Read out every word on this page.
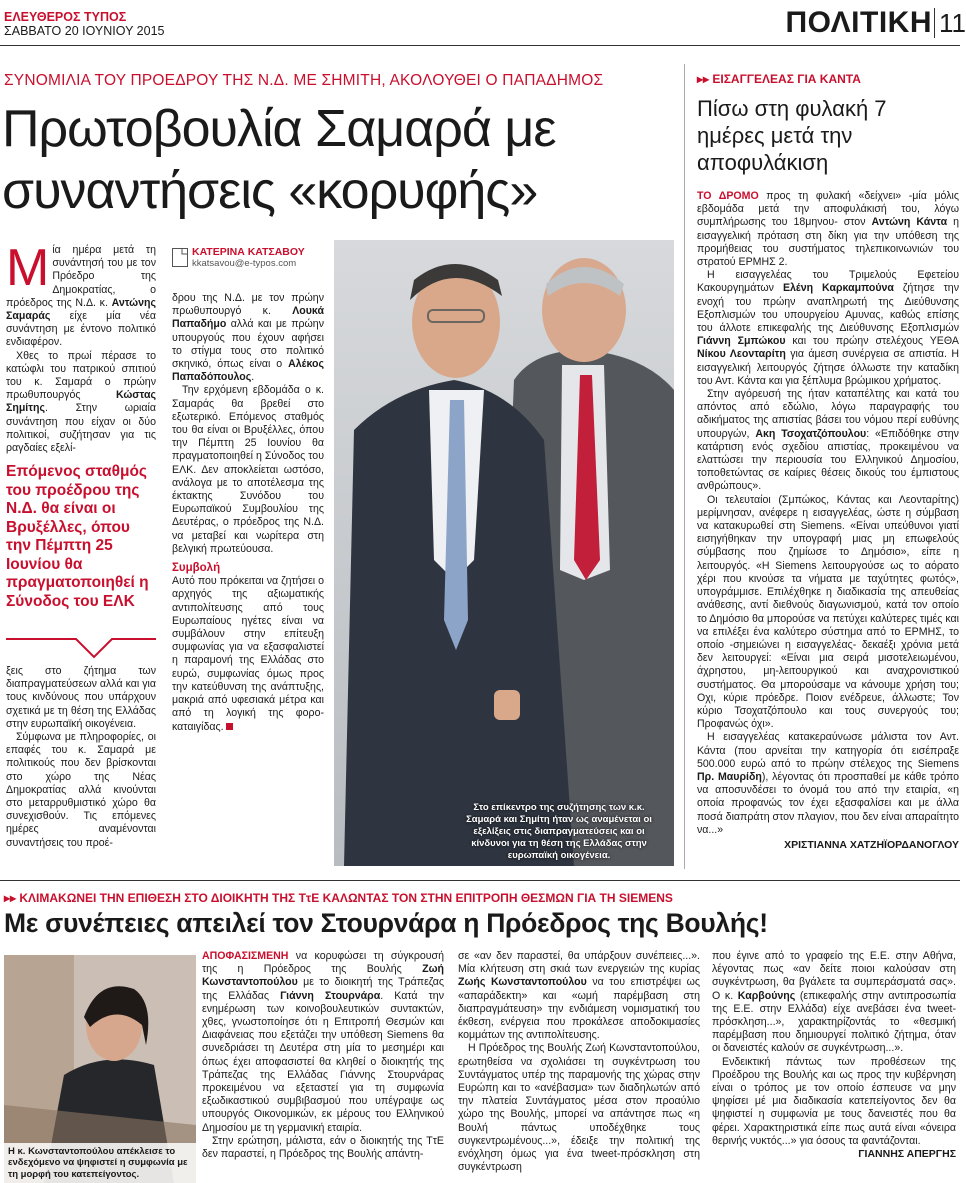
ΕΛΕΥΘΕΡΟΣ ΤΥΠΟΣ
ΣΑΒΒΑΤΟ 20 ΙΟΥΝΙΟΥ 2015	ΠΟΛΙΤΙΚΗ 11
ΣΥΝΟΜΙΛΙΑ ΤΟΥ ΠΡΟΕΔΡΟΥ ΤΗΣ Ν.Δ. ΜΕ ΣΗΜΙΤΗ, ΑΚΟΛΟΥΘΕΙ Ο ΠΑΠΑΔΗΜΟΣ
Πρωτοβουλία Σαμαρά με
συναντήσεις «κορυφής»
Μ ία ημέρα μετά τη συνάντησή του με τον Πρόεδρο της Δημοκρατίας, ο πρόεδρος της Ν.Δ. κ. Αντώνης Σαμαράς είχε μία νέα συνάντηση με έντονο πολιτικό ενδιαφέρον.

Χθες το πρωί πέρασε το κατώφλι του πατρικού σπιτιού του κ. Σαμαρά ο πρώην πρωθυπουργός Κώστας Σημίτης. Στην ωριαία συνάντηση που είχαν οι δύο πολιτικοί, συζήτησαν για τις ραγδαίες εξελί-

Επόμενος σταθμός του προέδρου της Ν.Δ. θα είναι οι Βρυξέλλες, όπου την Πέμπτη 25 Ιουνίου θα πραγματοποιηθεί η Σύνοδος του ΕΛΚ

ξεις στο ζήτημα των διαπραγματεύσεων αλλά και για τους κινδύνους που υπάρχουν σχετικά με τη θέση της Ελλάδας στην ευρωπαϊκή οικογένεια.

Σύμφωνα με πληροφορίες, οι επαφές του κ. Σαμαρά με πολιτικούς που δεν βρίσκονται στο χώρο της Νέας Δημοκρατίας αλλά κινούνται στο μεταρρυθμιστικό χώρο θα συνεχισθούν. Τις επόμενες ημέρες αναμένονται συναντήσεις του προέ-

ΚΑΤΕΡΙΝΑ ΚΑΤΣΑΒΟΥ
kkatsavou@e-typos.com

δρου της Ν.Δ. με τον πρώην πρωθυπουργό κ. Λουκά Παπαδήμο αλλά και με πρώην υπουργούς που έχουν αφήσει το στίγμα τους στο πολιτικό σκηνικό, όπως είναι ο Αλέκος Παπαδόπουλος.

Την ερχόμενη εβδομάδα ο κ. Σαμαράς θα βρεθεί στο εξωτερικό. Επόμενος σταθμός του θα είναι οι Βρυξέλλες, όπου την Πέμπτη 25 Ιουνίου θα πραγματοποιηθεί η Σύνοδος του ΕΛΚ. Δεν αποκλείεται ωστόσο, ανάλογα με το αποτέλεσμα της έκτακτης Συνόδου του Ευρωπαϊκού Συμβουλίου της Δευτέρας, ο πρόεδρος της Ν.Δ. να μεταβεί και νωρίτερα στη βελγική πρωτεύουσα.

Συμβολή

Αυτό που πρόκειται να ζητήσει ο αρχηγός της αξιωματικής αντιπολίτευσης από τους Ευρωπαίους ηγέτες είναι να συμβάλουν στην επίτευξη συμφωνίας για να εξασφαλιστεί η παραμονή της Ελλάδας στο ευρώ, συμφωνίας όμως προς την κατεύθυνση της ανάπτυξης, μακριά από υφεσιακά μέτρα και από τη λογική της φορο-καταιγίδας.

Στο επίκεντρο της συζήτησης των κ.κ. Σαμαρά και Σημίτη ήταν ως αναμένεται οι εξελίξεις στις διαπραγματεύσεις και οι κίνδυνοι για τη θέση της Ελλάδας στην ευρωπαϊκή οικογένεια.
▸▸ ΕΙΣΑΓΓΕΛΕΑΣ ΓΙΑ ΚΑΝΤΑ
Πίσω στη φυλακή 7 ημέρες μετά την αποφυλάκιση

ΤΟ ΔΡΟΜΟ προς τη φυλακή «δείχνει» -μία μόλις εβδομάδα μετά την αποφυλάκισή του, λόγω συμπλήρωσης του 18μηνου- στον Αντώνη Κάντα η εισαγγελική πρόταση στη δίκη για την υπόθεση της προμήθειας του συστήματος τηλεπικοινωνιών του στρατού ΕΡΜΗΣ 2.

Η εισαγγελέας του Τριμελούς Εφετείου Κακουργημάτων Ελένη Καρκαμπούνα ζήτησε την ενοχή του πρώην αναπληρωτή της Διεύθυνσης Εξοπλισμών του υπουργείου Αμυνας, καθώς επίσης του άλλοτε επικεφαλής της Διεύθυνσης Εξοπλισμών Γιάννη Σμπώκου και του πρώην στελέχους ΥΕΘΑ Νίκου Λεονταρίτη για άμεση συνέργεια σε απιστία. Η εισαγγελική λειτουργός ζήτησε όλλωστε την καταδίκη του Αντ. Κάντα και για ξέπλυμα βρώμικου χρήματος.

Στην αγόρευσή της ήταν καταπέλτης και κατά του απόντος από εδώλιο, λόγω παραγραφής του αδικήματος της απιστίας βάσει του νόμου περί ευθύνης υπουργών, Ακη Τσοχατζόπουλου: «Επιδόθηκε στην κατάρτιση ενός σχεδίου απιστίας, προκειμένου να ελαττώσει την περιουσία του Ελληνικού Δημοσίου, τοποθετώντας σε καίριες θέσεις δικούς του έμπιστους ανθρώπους».

Οι τελευταίοι (Σμπώκος, Κάντας και Λεονταρίτης) μερίμνησαν, ανέφερε η εισαγγελέας, ώστε η σύμβαση να κατακυρωθεί στη Siemens. «Είναι υπεύθυνοι γιατί εισηγήθηκαν την υπογραφή μιας μη επωφελούς σύμβασης που ζημίωσε το Δημόσιο», είπε η λειτουργός. «Η Siemens λειτουργούσε ως το αόρατο χέρι που κινούσε τα νήματα με ταχύτητες φωτός», υπογράμμισε. Επιλέχθηκε η διαδικασία της απευθείας ανάθεσης, αντί διεθνούς διαγωνισμού, κατά τον οποίο το Δημόσιο θα μπορούσε να πετύχει καλύτερες τιμές και να επιλέξει ένα καλύτερο σύστημα από το ΕΡΜΗΣ, το οποίο -σημειώνει η εισαγγελέας- δεκαέξι χρόνια μετά δεν λειτουργεί: «Είναι μια σειρά μισοτελειωμένου, άχρηστου, μη-λειτουργικού και αναχρονιστικού συστήματος. Θα μπορούσαμε να κάνουμε χρήση του; Οχι, κύριε πρόεδρε. Ποιον ενέδρευε, άλλωστε; Τον κύριο Τσοχατζόπουλο και τους συνεργούς του; Προφανώς όχι».

Η εισαγγελέας κατακεραύνωσε μάλιστα τον Αντ. Κάντα (που αρνείται την κατηγορία ότι εισέπραξε 500.000 ευρώ από το πρώην στέλεχος της Siemens Πρ. Μαυρίδη), λέγοντας ότι προσπαθεί με κάθε τρόπο να αποσυνδέσει το όνομά του από την εταιρία, «η οποία προφανώς τον έχει εξασφαλίσει και με άλλα ποσά διαπράτη στον πλαγιον, που δεν είναι απαραίτητο να...»

ΧΡΙΣΤΙΑΝΝΑ ΧΑΤΖΗΪΟΡΔΑΝΟΓΛΟΥ
▸▸ ΚΛΙΜΑΚΩΝΕΙ ΤΗΝ ΕΠΙΘΕΣΗ ΣΤΟ ΔΙΟΙΚΗΤΗ ΤΗΣ ΤτΕ ΚΑΛΩΝΤΑΣ ΤΟΝ ΣΤΗΝ ΕΠΙΤΡΟΠΗ ΘΕΣΜΩΝ ΓΙΑ ΤΗ SIEMENS
Με συνέπειες απειλεί τον Στουρνάρα η Πρόεδρος της Βουλής!
Η κ. Κωνσταντοπούλου απέκλεισε το ενδεχόμενο να ψηφιστεί η συμφωνία με τη μορφή του κατεπείγοντος.

ΑΠΟΦΑΣΙΣΜΕΝΗ να κορυφώσει τη σύγκρουσή της η Πρόεδρος της Βουλής Ζωή Κωνσταντοπούλου με το διοικητή της Τράπεζας της Ελλάδας Γιάννη Στουρνάρα. Κατά την ενημέρωση των κοινοβουλευτικών συντακτών, χθες, γνωστοποίησε ότι η Επιτροπή Θεσμών και Διαφάνειας που εξετάζει την υπόθεση Siemens θα συνεδριάσει τη Δευτέρα στη μία το μεσημέρι και όπως έχει αποφασιστεί θα κληθεί ο διοικητής της Τράπεζας της Ελλάδας Γιάννης Στουρνάρας προκειμένου να εξεταστεί για τη συμφωνία εξωδικαστικού συμβιβασμού που υπέγραψε ως υπουργός Οικονομικών, εκ μέρους του Ελληνικού Δημοσίου με τη γερμανική εταιρία.

Στην ερώτηση, μάλιστα, εάν ο διοικητής της ΤτΕ δεν παραστεί, η Πρόεδρος της Βουλής απάντη-

σε «αν δεν παραστεί, θα υπάρξουν συνέπειες...». Μία κλήτευση στη σκιά των ενεργειών της κυρίας Ζωής Κωνσταντοπούλου να του επιστρέψει ως «απαράδεκτη» και «ωμή παρέμβαση στη διαπραγμάτευση» την ενδιάμεση νομισματική του έκθεση, ενέργεια που προκάλεσε αποδοκιμασίες κομμάτων της αντιπολίτευσης.

Η Πρόεδρος της Βουλής Ζωή Κωνσταντοπούλου, ερωτηθείσα να σχολιάσει τη συγκέντρωση του Συντάγματος υπέρ της παραμονής της χώρας στην Ευρώπη και το «ανέβασμα» των διαδηλωτών από την πλατεία Συντάγματος μέσα στον προαύλιο χώρο της Βουλής, μπορεί να απάντησε πως «η Βουλή πάντως υποδέχθηκε τους συγκεντρωμένους...», έδειξε την πολιτική της ενόχληση όμως για ένα tweet-πρόσκληση στη συγκέντρωση

που έγινε από το γραφείο της Ε.Ε. στην Αθήνα, λέγοντας πως «αν δείτε ποιοι καλούσαν στη συγκέντρωση, θα βγάλετε τα συμπεράσματά σας». Ο κ. Καρβούνης (επικεφαλής στην αντιπροσωπία της Ε.Ε. στην Ελλάδα) είχε ανεβάσει ένα tweet-πρόσκληση...», χαρακτηρίζοντάς το «θεσμική παρέμβαση που δημιουργεί πολιτικό ζήτημα, όταν οι δανειστές καλούν σε συγκέντρωση...».

Ενδεικτική πάντως των προθέσεων της Προέδρου της Βουλής και ως προς την κυβέρνηση είναι ο τρόπος με τον οποίο έσπευσε να μην ψηφίσει μέ μια διαδικασία κατεπείγοντος δεν θα ψηφιστεί η συμφωνία με τους δανειστές που θα φέρει. Χαρακτηριστικά είπε πως αυτά είναι «όνειρα θερινής νυκτός...» για όσους τα φαντάζονται.

ΓΙΑΝΝΗΣ ΑΠΕΡΓΗΣ
